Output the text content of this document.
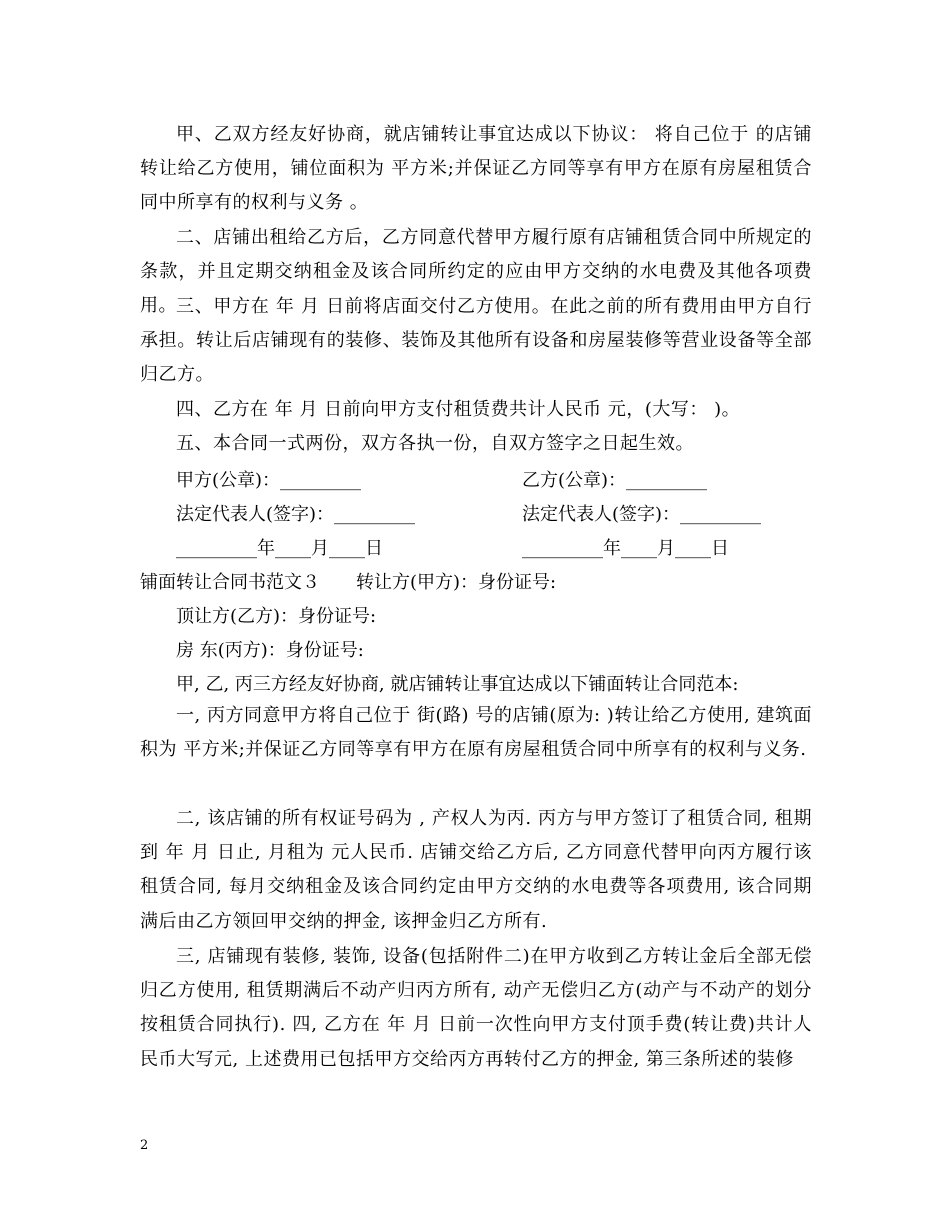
甲、乙双方经友好协商，就店铺转让事宜达成以下协议： 将自己位于 的店铺转让给乙方使用，铺位面积为 平方米;并保证乙方同等享有甲方在原有房屋租赁合同中所享有的权利与义务 。

二、店铺出租给乙方后，乙方同意代替甲方履行原有店铺租赁合同中所规定的条款，并且定期交纳租金及该合同所约定的应由甲方交纳的水电费及其他各项费用。 三、甲方在 年 月 日前将店面交付乙方使用。在此之前的所有费用由甲方自行承担。转让后店铺现有的装修、装饰及其他所有设备和房屋装修等营业设备等全部归乙方。

四、乙方在 年 月 日前向甲方支付租赁费共计人民币 元，(大写： )。

五、本合同一式两份，双方各执一份，自双方签字之日起生效。

甲方(公章)：_________	乙方(公章)：_________
法定代表人(签字)：_________	法定代表人(签字)：_________
_________年____月____日	_________年____月____日
铺面转让合同书范文３　　转让方(甲方)：身份证号:
顶让方(乙方)：身份证号:
房 东(丙方)：身份证号:
甲, 乙, 丙三方经友好协商, 就店铺转让事宜达成以下铺面转让合同范本:

一, 丙方同意甲方将自己位于 街(路) 号的店铺(原为: )转让给乙方使用, 建筑面积为 平方米;并保证乙方同等享有甲方在原有房屋租赁合同中所享有的权利与义务.

二, 该店铺的所有权证号码为 , 产权人为丙. 丙方与甲方签订了租赁合同, 租期到 年 月 日止, 月租为 元人民币. 店铺交给乙方后, 乙方同意代替甲向丙方履行该租赁合同, 每月交纳租金及该合同约定由甲方交纳的水电费等各项费用, 该合同期满后由乙方领回甲交纳的押金, 该押金归乙方所有.

三, 店铺现有装修, 装饰, 设备(包括附件二)在甲方收到乙方转让金后全部无偿归乙方使用, 租赁期满后不动产归丙方所有, 动产无偿归乙方(动产与不动产的划分按租赁合同执行). 四, 乙方在 年 月 日前一次性向甲方支付顶手费(转让费)共计人民币大写元, 上述费用已包括甲方交给丙方再转付乙方的押金, 第三条所述的装修

2
